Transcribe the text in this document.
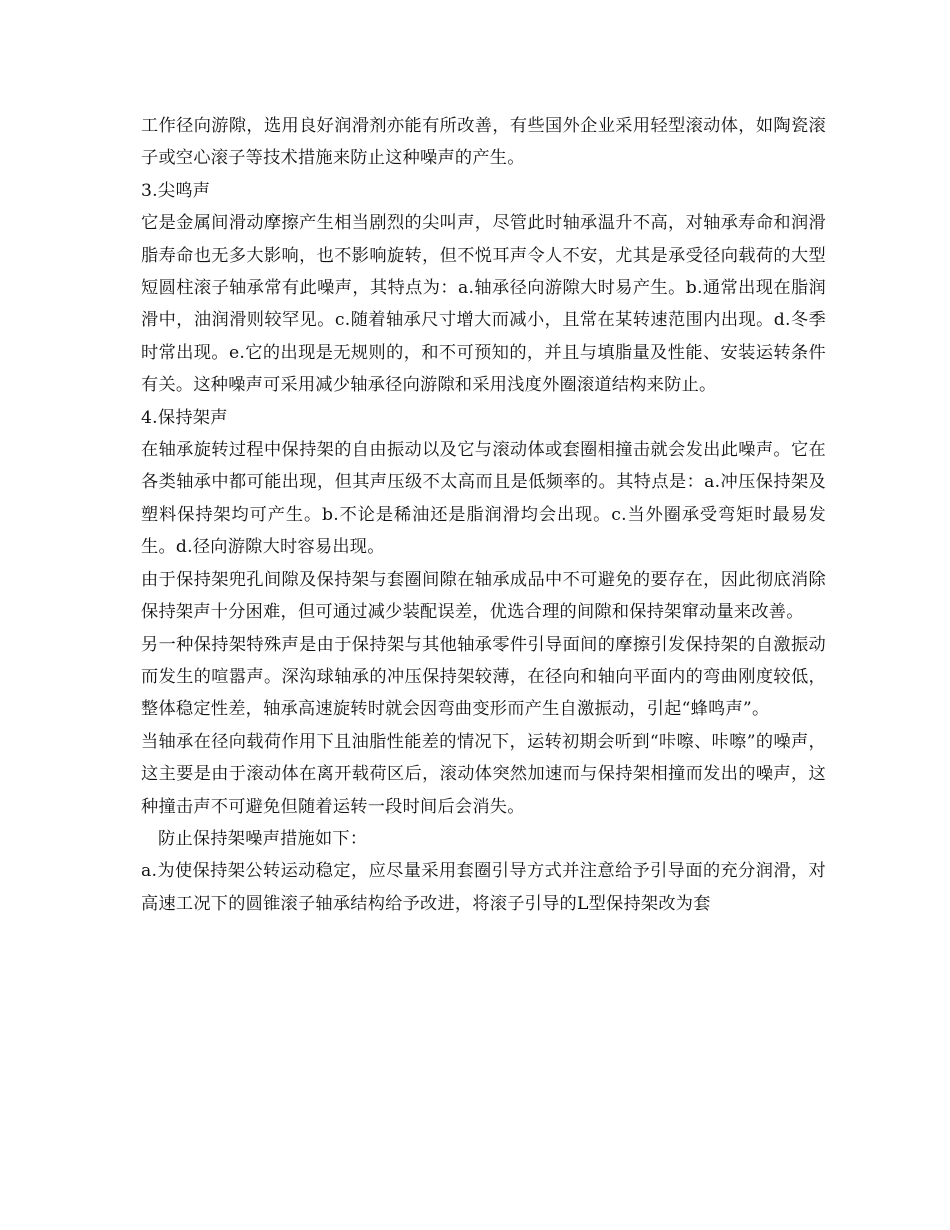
工作径向游隙，选用良好润滑剂亦能有所改善，有些国外企业采用轻型滚动体，如陶瓷滚子或空心滚子等技术措施来防止这种噪声的产生。

3.尖鸣声

它是金属间滑动摩擦产生相当剧烈的尖叫声，尽管此时轴承温升不高，对轴承寿命和润滑脂寿命也无多大影响，也不影响旋转，但不悦耳声令人不安，尤其是承受径向载荷的大型短圆柱滚子轴承常有此噪声，其特点为：a.轴承径向游隙大时易产生。b.通常出现在脂润滑中，油润滑则较罕见。c.随着轴承尺寸增大而减小，且常在某转速范围内出现。d.冬季时常出现。e.它的出现是无规则的，和不可预知的，并且与填脂量及性能、安装运转条件有关。这种噪声可采用减少轴承径向游隙和采用浅度外圈滚道结构来防止。

4.保持架声

在轴承旋转过程中保持架的自由振动以及它与滚动体或套圈相撞击就会发出此噪声。它在各类轴承中都可能出现，但其声压级不太高而且是低频率的。其特点是：a.冲压保持架及塑料保持架均可产生。b.不论是稀油还是脂润滑均会出现。c.当外圈承受弯矩时最易发生。d.径向游隙大时容易出现。

由于保持架兜孔间隙及保持架与套圈间隙在轴承成品中不可避免的要存在，因此彻底消除保持架声十分困难，但可通过减少装配误差，优选合理的间隙和保持架窜动量来改善。

另一种保持架特殊声是由于保持架与其他轴承零件引导面间的摩擦引发保持架的自激振动而发生的喧嚣声。深沟球轴承的冲压保持架较薄，在径向和轴向平面内的弯曲刚度较低，整体稳定性差，轴承高速旋转时就会因弯曲变形而产生自激振动，引起“蜂鸣声”。

当轴承在径向载荷作用下且油脂性能差的情况下，运转初期会听到“咔嚓、咔嚓”的噪声，这主要是由于滚动体在离开载荷区后，滚动体突然加速而与保持架相撞而发出的噪声，这种撞击声不可避免但随着运转一段时间后会消失。

防止保持架噪声措施如下：

a.为使保持架公转运动稳定，应尽量采用套圈引导方式并注意给予引导面的充分润滑，对高速工况下的圆锥滚子轴承结构给予改进，将滚子引导的L型保持架改为套
